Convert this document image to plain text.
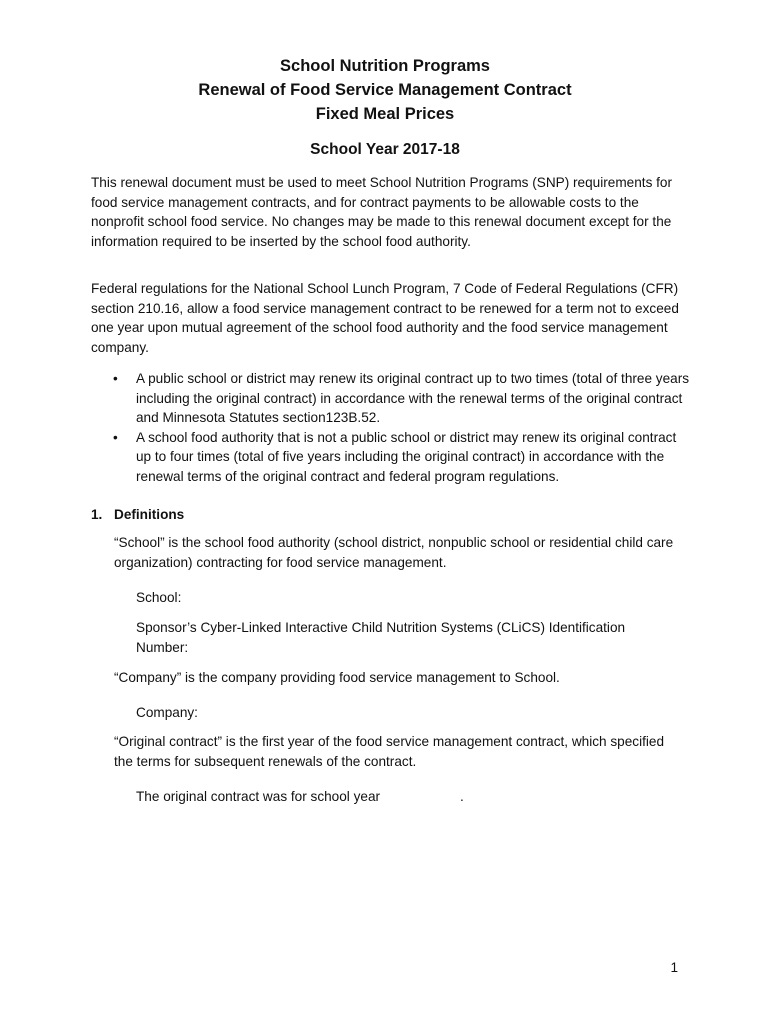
School Nutrition Programs
Renewal of Food Service Management Contract
Fixed Meal Prices
School Year 2017-18

This renewal document must be used to meet School Nutrition Programs (SNP) requirements for food service management contracts, and for contract payments to be allowable costs to the nonprofit school food service. No changes may be made to this renewal document except for the information required to be inserted by the school food authority.

Federal regulations for the National School Lunch Program, 7 Code of Federal Regulations (CFR) section 210.16, allow a food service management contract to be renewed for a term not to exceed one year upon mutual agreement of the school food authority and the food service management company.

• A public school or district may renew its original contract up to two times (total of three years including the original contract) in accordance with the renewal terms of the original contract and Minnesota Statutes section123B.52.
• A school food authority that is not a public school or district may renew its original contract up to four times (total of five years including the original contract) in accordance with the renewal terms of the original contract and federal program regulations.
1. Definitions

“School” is the school food authority (school district, nonpublic school or residential child care organization) contracting for food service management.

School:

Sponsor’s Cyber-Linked Interactive Child Nutrition Systems (CLiCS) Identification Number:

“Company” is the company providing food service management to School.

Company:

“Original contract” is the first year of the food service management contract, which specified the terms for subsequent renewals of the contract.

The original contract was for school year	.

1
